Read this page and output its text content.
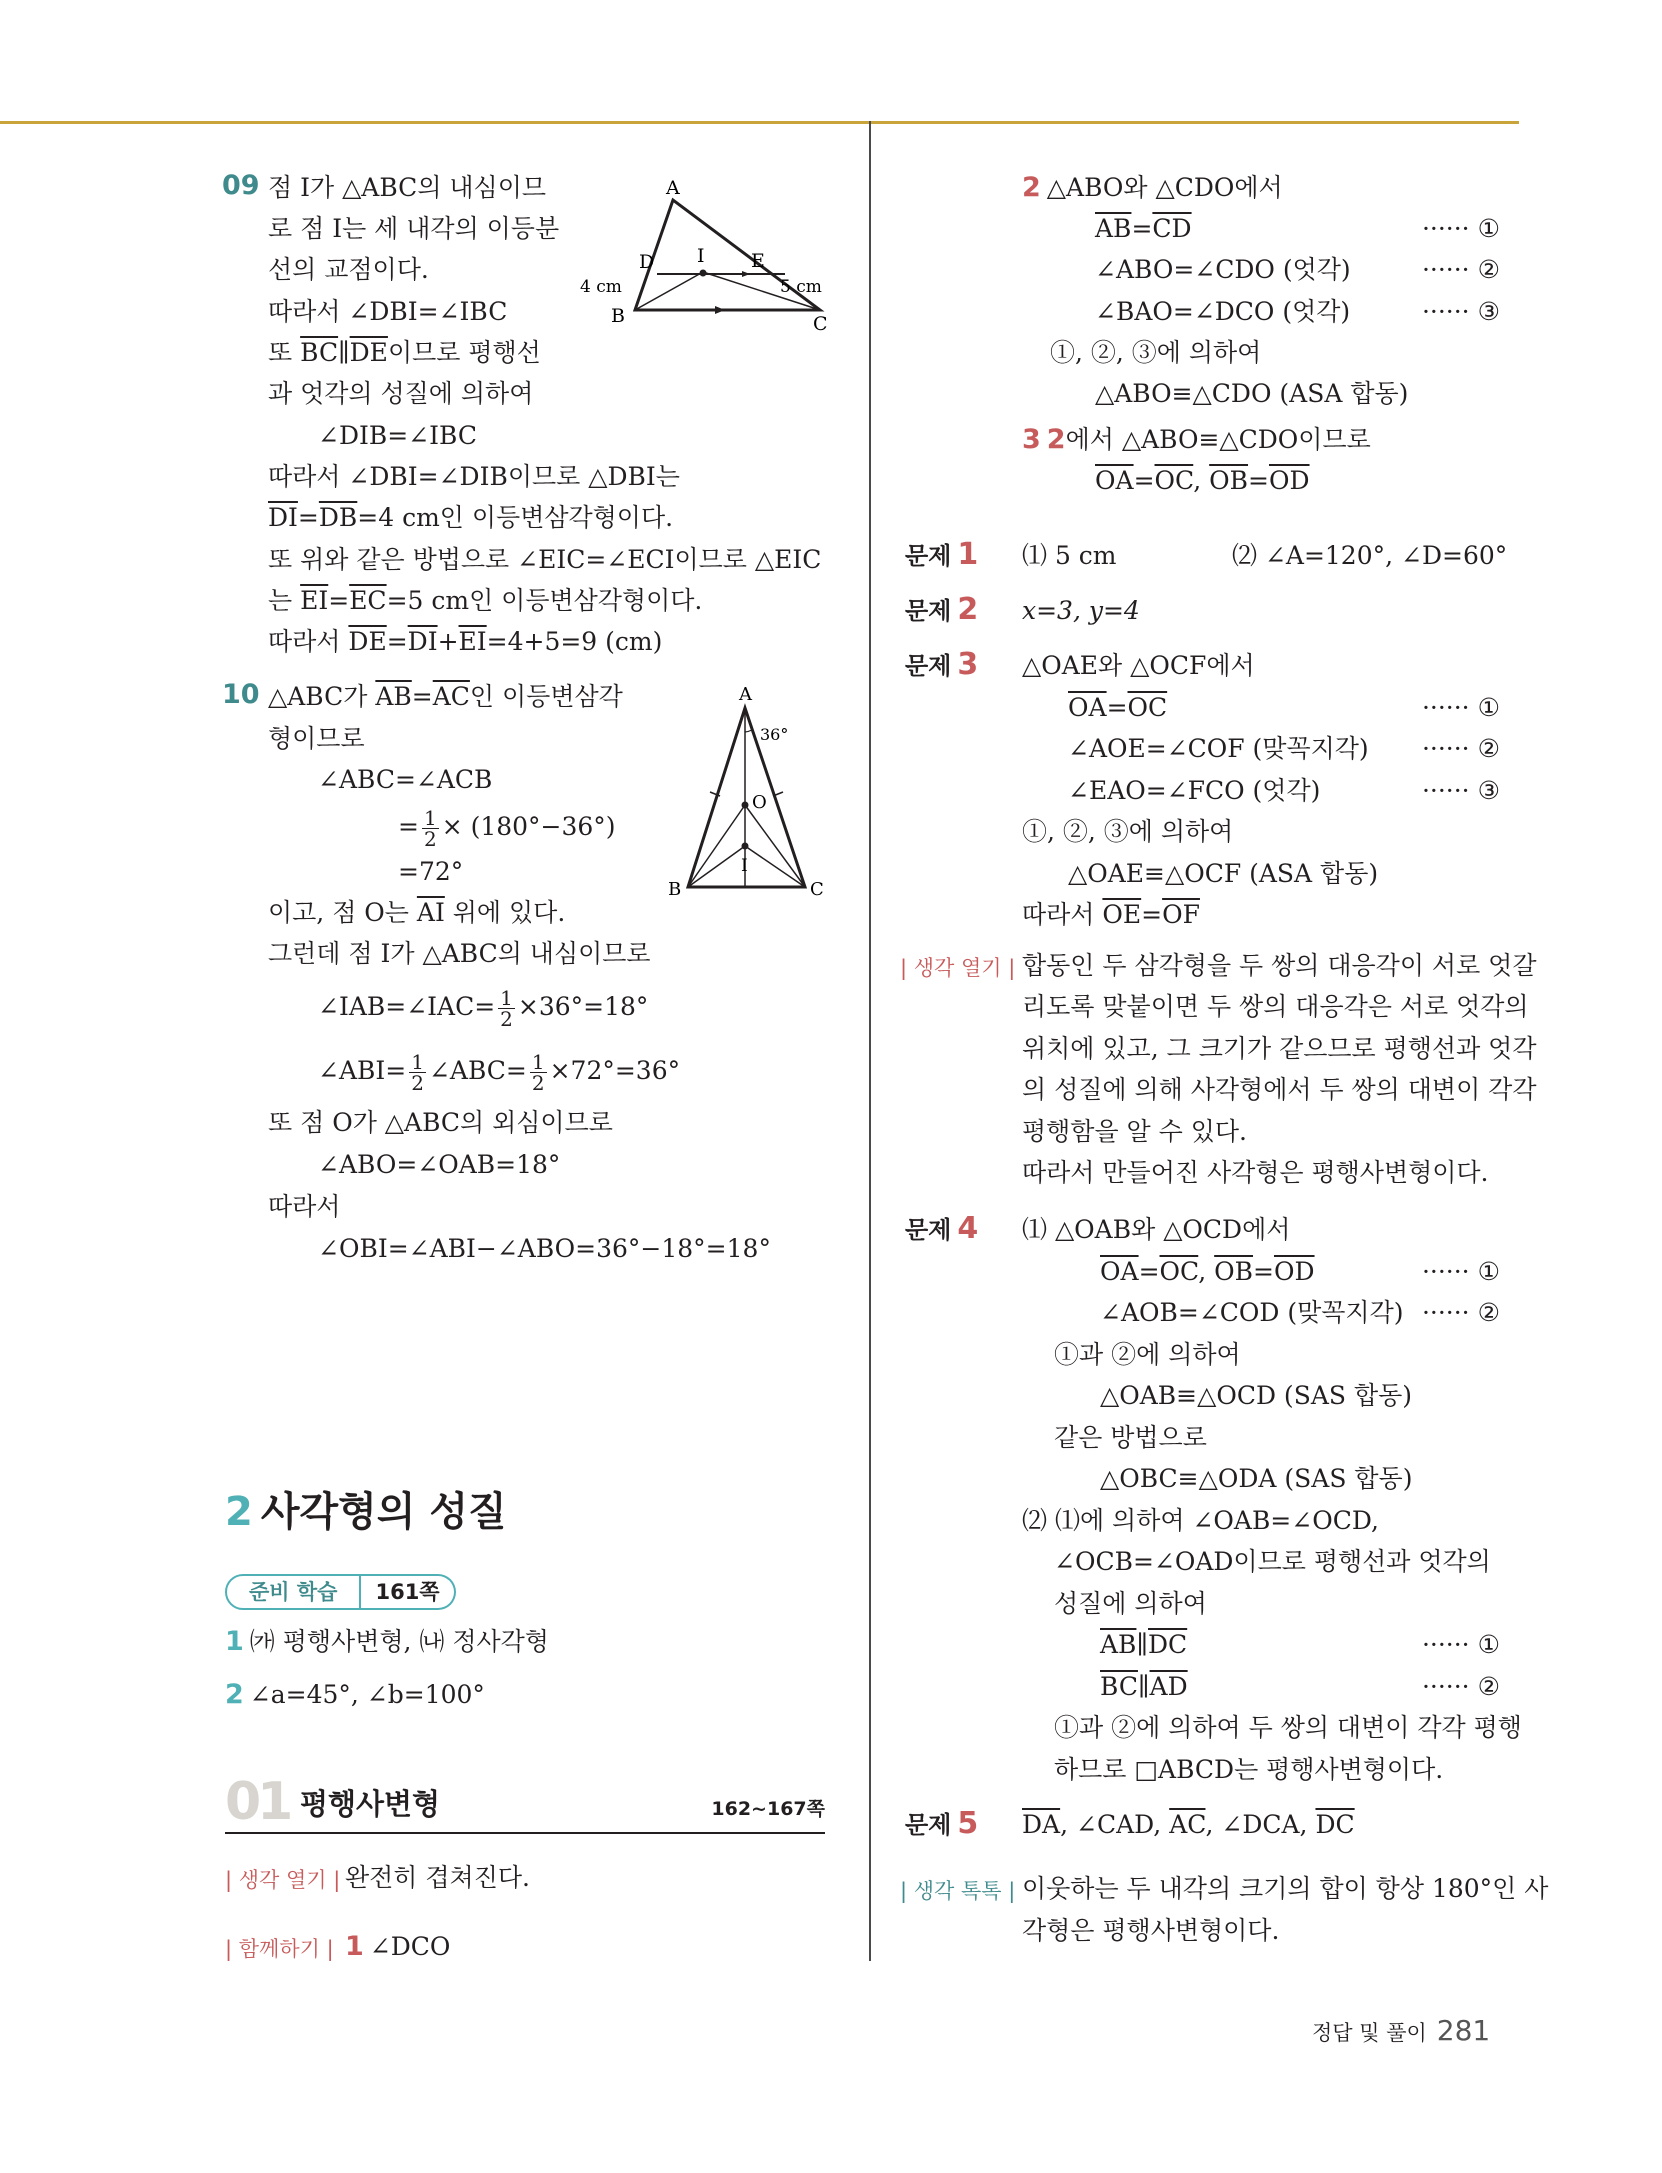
09 점 I가 △ABC의 내심이므
로 점 I는 세 내각의 이등분
선의 교점이다.
따라서 ∠DBI=∠IBC
또 $\overline{BC}\parallel\overline{DE}$이므로 평행선
과 엇각의 성질에 의하여
∠DIB=∠IBC
따라서 ∠DBI=∠DIB이므로 △DBI는
$\overline{DI}=\overline{DB}=4$ cm인 이등변삼각형이다.
또 위와 같은 방법으로 ∠EIC=∠ECI이므로 △EIC
는 $\overline{EI}=\overline{EC}=5$ cm인 이등변삼각형이다.
따라서 $\overline{DE}=\overline{DI}+\overline{EI}=4+5=9$ (cm)
A
B	C
D	E
I
4 cm	5 cm
10 △ABC가 $\overline{AB}=\overline{AC}$인 이등변삼각
형이므로
∠ABC=∠ACB
= $\frac{1}{2} \times (180^\circ-36^\circ)$
=72°
이고, 점 O는 $\overline{AI}$ 위에 있다.
그런데 점 I가 △ABC의 내심이므로
∠IAB=∠IAC= $\frac{1}{2} \times 36^\circ=18^\circ$
∠ABI= $\frac{1}{2}$ ∠ABC= $\frac{1}{2} \times 72^\circ=36^\circ$
또 점 O가 △ABC의 외심이므로
∠ABO=∠OAB=18°
따라서
∠OBI=∠ABI−∠ABO=36°−18°=18°
A
B	C
O
I
36°
2 사각형의 성질
준비 학습	161쪽
1 ㈎ 평행사변형, ㈏ 정사각형
2 ∠a=45°, ∠b=100°
01 평행사변형	162~167쪽
| 생각 열기 | 완전히 겹쳐진다.
| 함께하기 | 1 ∠DCO
2 △ABO와 △CDO에서
$\overline{AB}=\overline{CD}$	······ ①
∠ABO=∠CDO (엇각)	······ ②
∠BAO=∠DCO (엇각)	······ ③
①, ②, ③에 의하여
△ABO≡△CDO (ASA 합동)
3 2에서 △ABO≡△CDO이므로
$\overline{OA}=\overline{OC}$, $\overline{OB}=\overline{OD}$
문제 1 ⑴ 5 cm	⑵ ∠A=120°, ∠D=60°
문제 2 x=3, y=4
문제 3 △OAE와 △OCF에서
$\overline{OA}=\overline{OC}$	······ ①
∠AOE=∠COF (맞꼭지각) ······ ②
∠EAO=∠FCO (엇각)	······ ③
①, ②, ③에 의하여
△OAE≡△OCF (ASA 합동)
따라서 $\overline{OE}=\overline{OF}$
| 생각 열기 | 합동인 두 삼각형을 두 쌍의 대응각이 서로 엇갈
리도록 맞붙이면 두 쌍의 대응각은 서로 엇각의
위치에 있고, 그 크기가 같으므로 평행선과 엇각
의 성질에 의해 사각형에서 두 쌍의 대변이 각각
평행함을 알 수 있다.
따라서 만들어진 사각형은 평행사변형이다.
문제 4 ⑴ △OAB와 △OCD에서
$\overline{OA}=\overline{OC}$, $\overline{OB}=\overline{OD}$	······ ①
∠AOB=∠COD (맞꼭지각) ······ ②
①과 ②에 의하여
△OAB≡△OCD (SAS 합동)
같은 방법으로
△OBC≡△ODA (SAS 합동)
⑵ ⑴에 의하여 ∠OAB=∠OCD,
∠OCB=∠OAD이므로 평행선과 엇각의
성질에 의하여
$\overline{AB}\parallel\overline{DC}$	······ ①
$\overline{BC}\parallel\overline{AD}$	······ ②
①과 ②에 의하여 두 쌍의 대변이 각각 평행
하므로 □ABCD는 평행사변형이다.
문제 5 $\overline{DA}$, ∠CAD, $\overline{AC}$, ∠DCA, $\overline{DC}$
| 생각 톡톡 | 이웃하는 두 내각의 크기의 합이 항상 180°인 사
각형은 평행사변형이다.
정답 및 풀이 281
